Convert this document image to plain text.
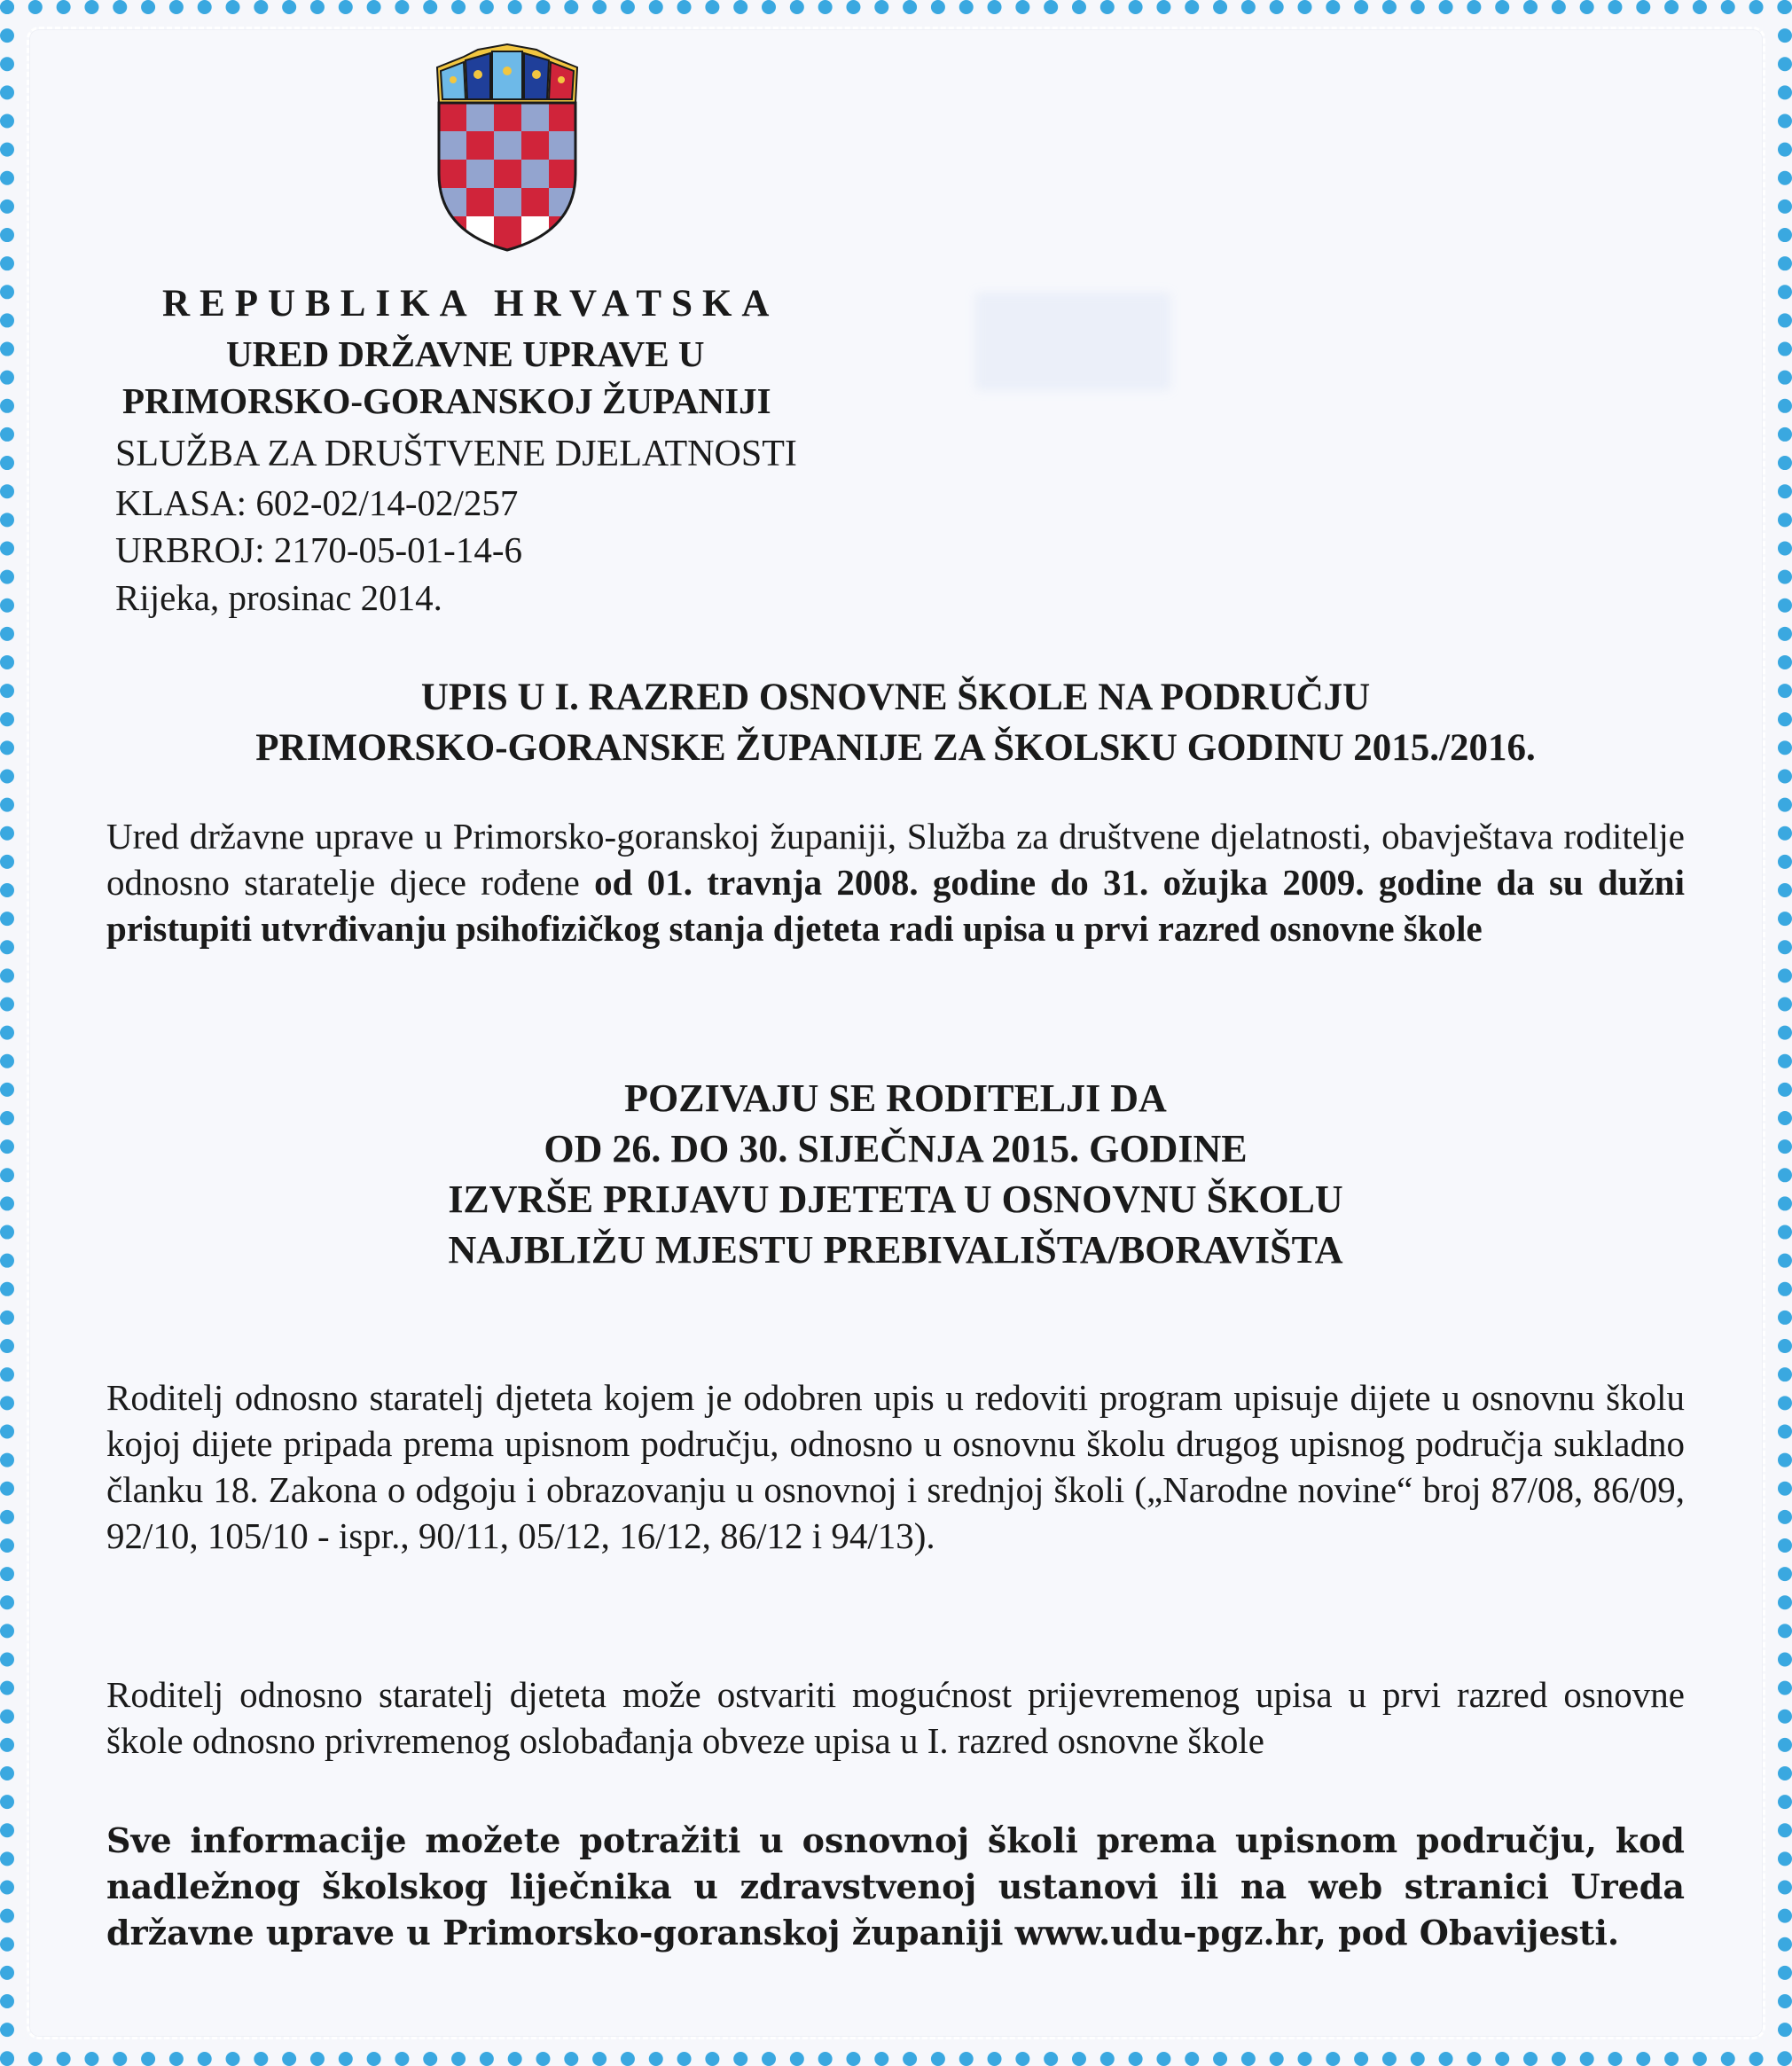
REPUBLIKA HRVATSKA
URED DRŽAVNE UPRAVE U
PRIMORSKO-GORANSKOJ ŽUPANIJI
SLUŽBA ZA DRUŠTVENE DJELATNOSTI
KLASA: 602-02/14-02/257
URBROJ: 2170-05-01-14-6
Rijeka, prosinac 2014.
UPIS U I. RAZRED OSNOVNE ŠKOLE NA PODRUČJU
PRIMORSKO-GORANSKE ŽUPANIJE ZA ŠKOLSKU GODINU 2015./2016.
Ured državne uprave u Primorsko-goranskoj županiji, Služba za društvene djelatnosti, obavještava roditelje odnosno staratelje djece rođene od 01. travnja 2008. godine do 31. ožujka 2009. godine da su dužni pristupiti utvrđivanju psihofizičkog stanja djeteta radi upisa u prvi razred osnovne škole
POZIVAJU SE RODITELJI DA
OD 26. DO 30. SIJEČNJA 2015. GODINE
IZVRŠE PRIJAVU DJETETA U OSNOVNU ŠKOLU
NAJBLIŽU MJESTU PREBIVALIŠTA/BORAVIŠTA
Roditelj odnosno staratelj djeteta kojem je odobren upis u redoviti program upisuje dijete u osnovnu školu kojoj dijete pripada prema upisnom području, odnosno u osnovnu školu drugog upisnog područja sukladno članku 18. Zakona o odgoju i obrazovanju u osnovnoj i srednjoj školi („Narodne novine“ broj 87/08, 86/09, 92/10, 105/10 - ispr., 90/11, 05/12, 16/12, 86/12 i 94/13).
Roditelj odnosno staratelj djeteta može ostvariti mogućnost prijevremenog upisa u prvi razred osnovne škole odnosno privremenog oslobađanja obveze upisa u I. razred osnovne škole
Sve informacije možete potražiti u osnovnoj školi prema upisnom području, kod nadležnog školskog liječnika u zdravstvenoj ustanovi ili na web stranici Ureda državne uprave u Primorsko-goranskoj županiji www.udu-pgz.hr, pod Obavijesti.
